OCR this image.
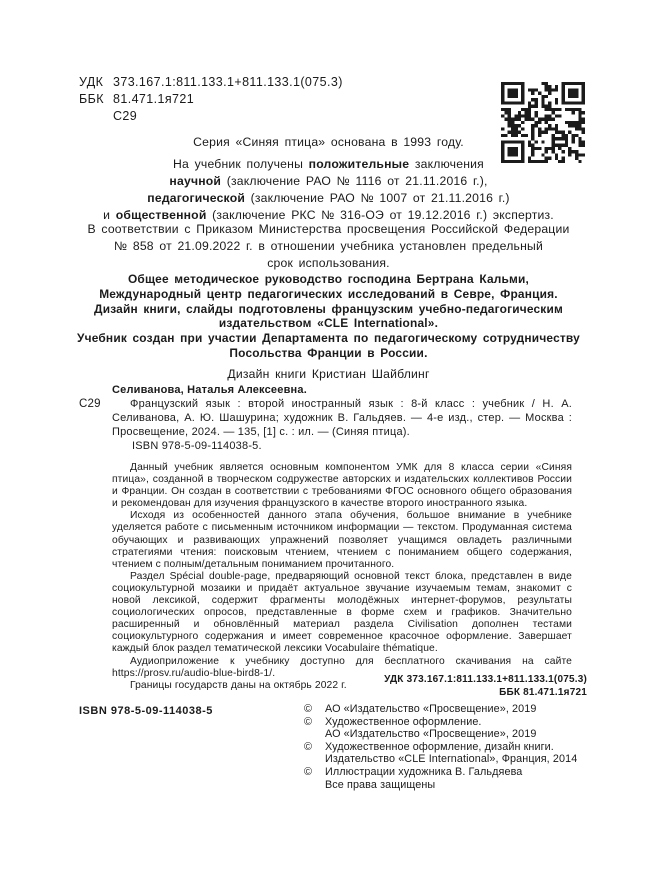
УДК 373.167.1:811.133.1+811.133.1(075.3)
ББК 81.471.1я721
С29
Серия «Синяя птица» основана в 1993 году.
На учебник получены положительные заключения
научной (заключение РАО № 1116 от 21.11.2016 г.),
педагогической (заключение РАО № 1007 от 21.11.2016 г.)
и общественной (заключение РКС № 316-ОЭ от 19.12.2016 г.) экспертиз.
В соответствии с Приказом Министерства просвещения Российской Федерации
№ 858 от 21.09.2022 г. в отношении учебника установлен предельный
срок использования.
Общее методическое руководство господина Бертрана Кальми,
Международный центр педагогических исследований в Севре, Франция.
Дизайн книги, слайды подготовлены французским учебно-педагогическим
издательством «CLE International».
Учебник создан при участии Департамента по педагогическому сотрудничеству
Посольства Франции в России.
Дизайн книги Кристиан Шайблинг
С29
Селиванова, Наталья Алексеевна.

Французский язык : второй иностранный язык : 8-й класс : учебник / Н. А. Селиванова, А. Ю. Шашурина; художник В. Гальдяев. — 4-е изд., стер. — Москва : Просвещение, 2024. — 135, [1] с. : ил. — (Синяя птица).

ISBN 978-5-09-114038-5.

Данный учебник является основным компонентом УМК для 8 класса серии «Синяя птица», созданной в творческом содружестве авторских и издательских коллективов России и Франции. Он создан в соответствии с требованиями ФГОС основного общего образования и рекомендован для изучения французского в качестве второго иностранного языка.

Исходя из особенностей данного этапа обучения, большое внимание в учебнике уделяется работе с письменным источником информации — текстом. Продуманная система обучающих и развивающих упражнений позволяет учащимся овладеть различными стратегиями чтения: поисковым чтением, чтением с пониманием общего содержания, чтением с полным/детальным пониманием прочитанного.

Раздел Spécial double-page, предваряющий основной текст блока, представлен в виде социокультурной мозаики и придаёт актуальное звучание изучаемым темам, знакомит с новой лексикой, содержит фрагменты молодёжных интернет-форумов, результаты социологических опросов, представленные в форме схем и графиков. Значительно расширенный и обновлённый материал раздела Civilisation дополнен тестами социокультурного содержания и имеет современное красочное оформление. Завершает каждый блок раздел тематической лексики Vocabulaire thématique.

Аудиоприложение к учебнику доступно для бесплатного скачивания на сайте https://prosv.ru/audio-blue-bird8-1/.

Границы государств даны на октябрь 2022 г.

УДК 373.167.1:811.133.1+811.133.1(075.3)
ББК 81.471.1я721
ISBN 978-5-09-114038-5	©	АО «Издательство «Просвещение», 2019
©	Художественное оформление.
АО «Издательство «Просвещение», 2019
©	Художественное оформление, дизайн книги.
Издательство «CLE International», Франция, 2014
©	Иллюстрации художника В. Гальдяева
Все права защищены
